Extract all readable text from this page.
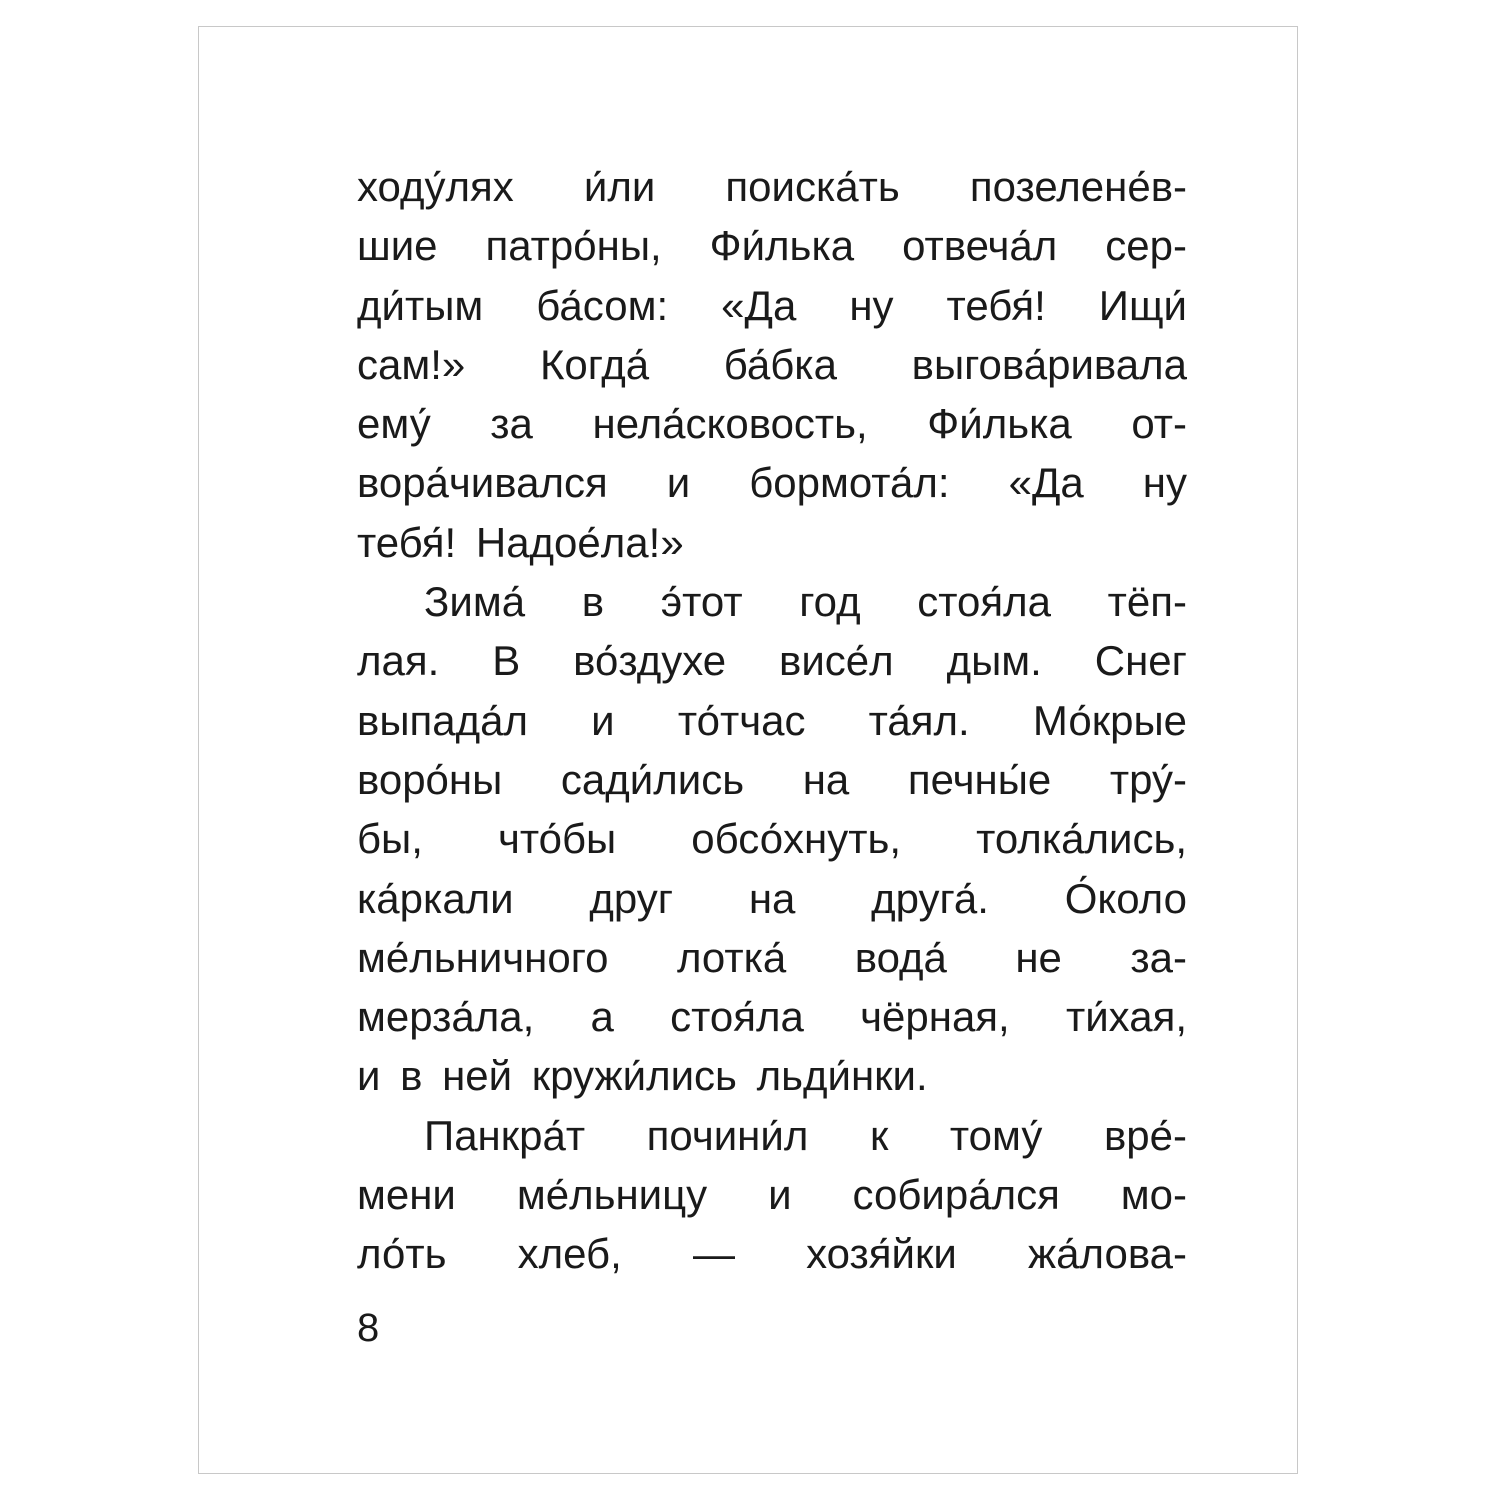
ходу́лях и́ли поиска́ть позелене́в-
шие патро́ны, Фи́лька отвеча́л сер-
ди́тым ба́сом: «Да ну тебя́! Ищи́
сам!» Когда́ ба́бка выгова́ривала
ему́ за нела́сковость, Фи́лька от-
вора́чивался и бормота́л: «Да ну
тебя́! Надое́ла!»
Зима́ в э́тот год стоя́ла тёп-
лая. В во́здухе висе́л дым. Снег
выпада́л и то́тчас та́ял. Мо́крые
воро́ны сади́лись на печны́е тру́-
бы, что́бы обсо́хнуть, толка́лись,
ка́ркали друг на друга́. О́коло
ме́льничного лотка́ вода́ не за-
мерза́ла, а стоя́ла чёрная, ти́хая,
и в ней кружи́лись льди́нки.
Панкра́т почини́л к тому́ вре́-
мени ме́льницу и собира́лся мо-
ло́ть хлеб, — хозя́йки жа́лова-
8
